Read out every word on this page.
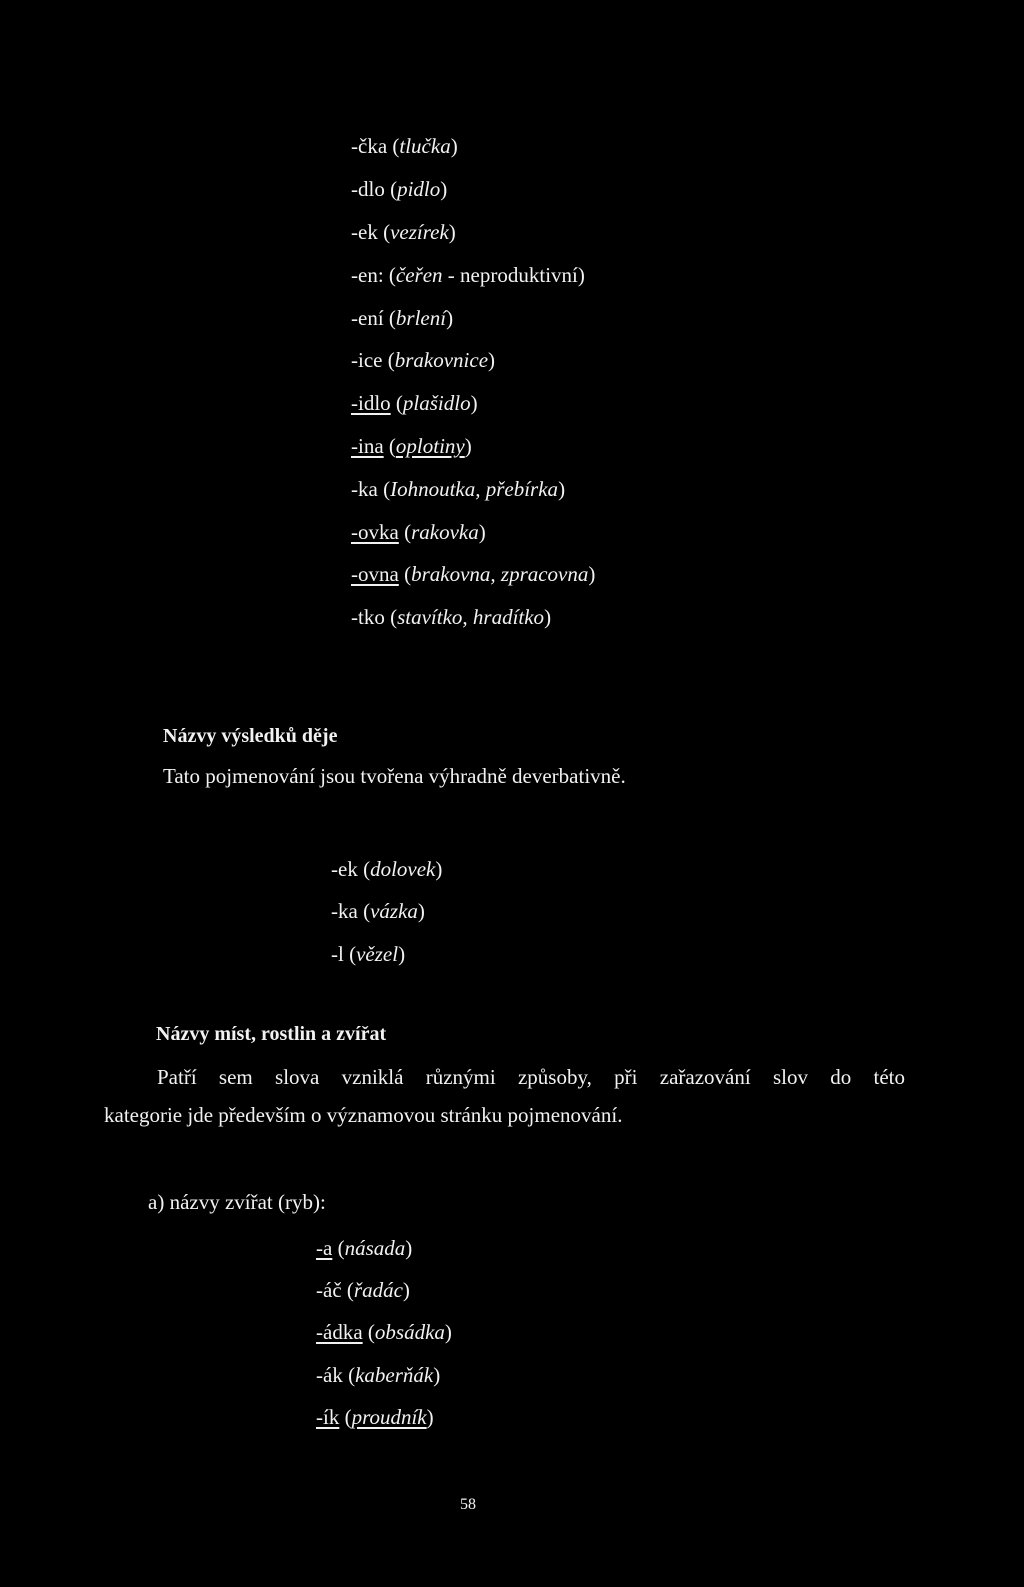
-čka (tlučka)
-dlo (pidlo)
-ek (vezírek)
-en: (čeřen - neproduktivní)
-ení (brlení)
-ice (brakovnice)
-idlo (plašidlo)
-ina (oplotiny)
-ka (Iohnoutka, přebírka)
-ovka (rakovka)
-ovna (brakovna, zpracovna)
-tko (stavítko, hradítko)
Názvy výsledků děje
Tato pojmenování jsou tvořena výhradně deverbativně.
-ek (dolovek)
-ka (vázka)
-l (vězel)
Názvy míst, rostlin a zvířat
Patří sem slova vzniklá různými způsoby, při zařazování slov do této
kategorie jde především o významovou stránku pojmenování.
a) názvy zvířat (ryb):
-a (násada)
-áč (řadác)
-ádka (obsádka)
-ák (kaberňák)
-ík (proudník)
58
